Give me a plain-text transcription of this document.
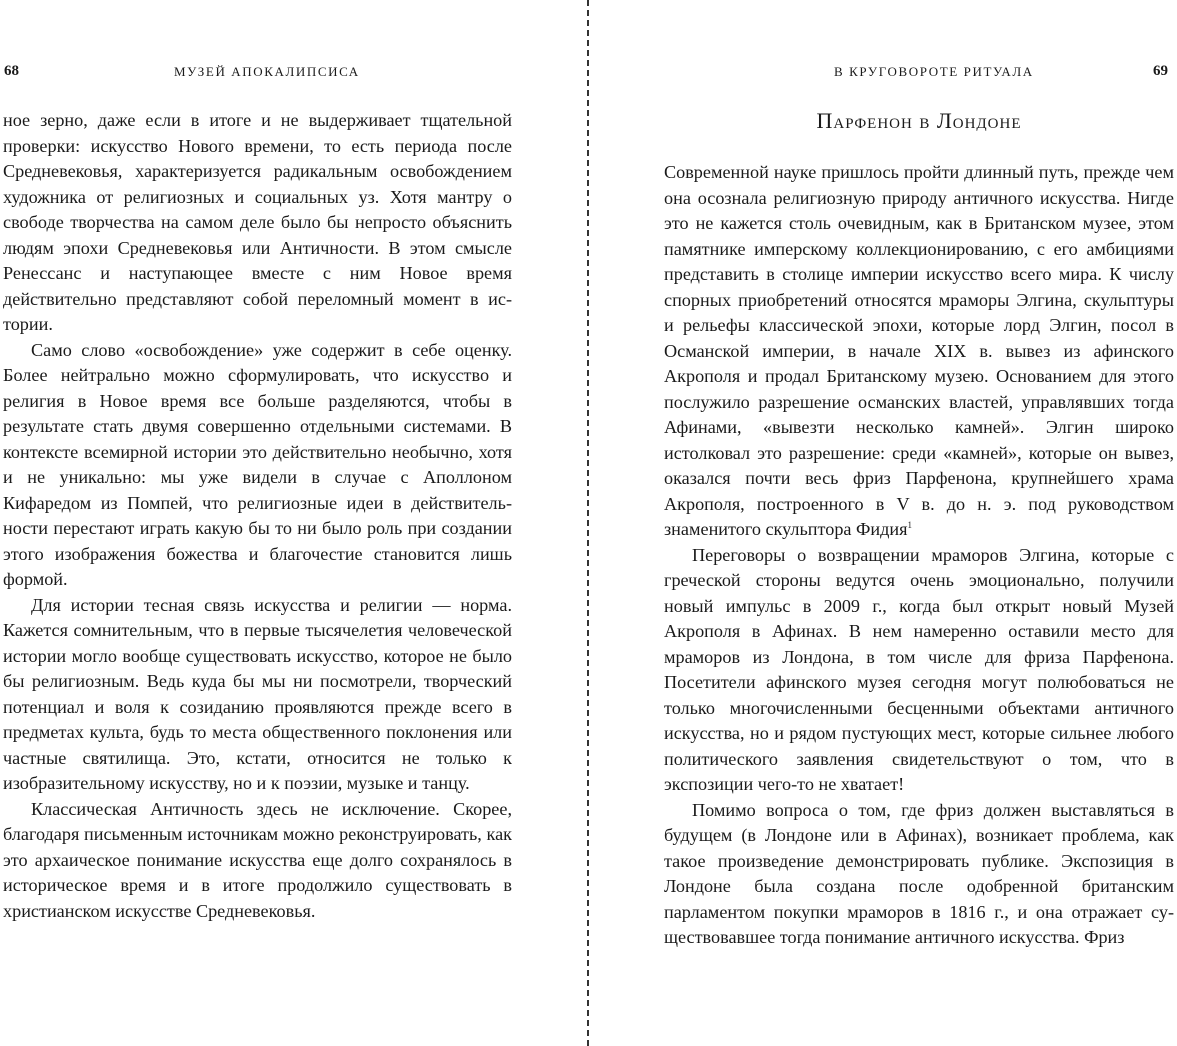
68	МУЗЕЙ АПОКАЛИПСИСА

ное зерно, даже если в итоге и не выдерживает тщательной проверки: искусство Нового времени, то есть периода после Средневековья, характеризуется радикальным освобождением художника от религиозных и социальных уз. Хотя мантру о свободе творчества на самом деле было бы непросто объяснить людям эпохи Средневековья или Античности. В этом смысле Ренессанс и наступающее вместе с ним Новое время действительно представляют собой переломный момент в истории.

Само слово «освобождение» уже содержит в себе оценку. Более нейтрально можно сформулировать, что искусство и религия в Новое время все больше разделяются, чтобы в результате стать двумя совершенно отдельными системами. В контексте всемирной истории это действительно необычно, хотя и не уникально: мы уже видели в случае с Аполлоном Кифаредом из Помпей, что религиозные идеи в действительности перестают играть какую бы то ни было роль при создании этого изображения божества и благочестие становится лишь формой.

Для истории тесная связь искусства и религии — норма. Кажется сомнительным, что в первые тысячелетия человеческой истории могло вообще существовать искусство, которое не было бы религиозным. Ведь куда бы мы ни посмотрели, творческий потенциал и воля к созиданию проявляются прежде всего в предметах культа, будь то места общественного поклонения или частные святилища. Это, кстати, относится не только к изобразительному искусству, но и к поэзии, музыке и танцу.

Классическая Античность здесь не исключение. Скорее, благодаря письменным источникам можно реконструировать, как это архаическое понимание искусства еще долго сохранялось в историческое время и в итоге продолжило существовать в христианском искусстве Средневековья.

В КРУГОВОРОТЕ РИТУАЛА	69
Парфенон в Лондоне

Современной науке пришлось пройти длинный путь, прежде чем она осознала религиозную природу античного искусства. Нигде это не кажется столь очевидным, как в Британском музее, этом памятнике имперскому коллекционированию, с его амбициями представить в столице империи искусство всего мира. К числу спорных приобретений относятся мраморы Элгина, скульптуры и рельефы классической эпохи, которые лорд Элгин, посол в Османской империи, в начале XIX в. вывез из афинского Акрополя и продал Британскому музею. Основанием для этого послужило разрешение османских властей, управлявших тогда Афинами, «вывезти несколько камней». Элгин широко истолковал это разрешение: среди «камней», которые он вывез, оказался почти весь фриз Парфенона, крупнейшего храма Акрополя, построенного в V в. до н. э. под руководством знаменитого скульптора Фидия$^1$

Переговоры о возвращении мраморов Элгина, которые с греческой стороны ведутся очень эмоционально, получили новый импульс в 2009 г., когда был открыт новый Музей Акрополя в Афинах. В нем намеренно оставили место для мраморов из Лондона, в том числе для фриза Парфенона. Посетители афинского музея сегодня могут полюбоваться не только многочисленными бесценными объектами античного искусства, но и рядом пустующих мест, которые сильнее любого политического заявления свидетельствуют о том, что в экспозиции чего-то не хватает!

Помимо вопроса о том, где фриз должен выставляться в будущем (в Лондоне или в Афинах), возникает проблема, как такое произведение демонстрировать публике. Экспозиция в Лондоне была создана после одобренной британским парламентом покупки мраморов в 1816 г., и она отражает существовавшее тогда понимание античного искусства. Фриз
